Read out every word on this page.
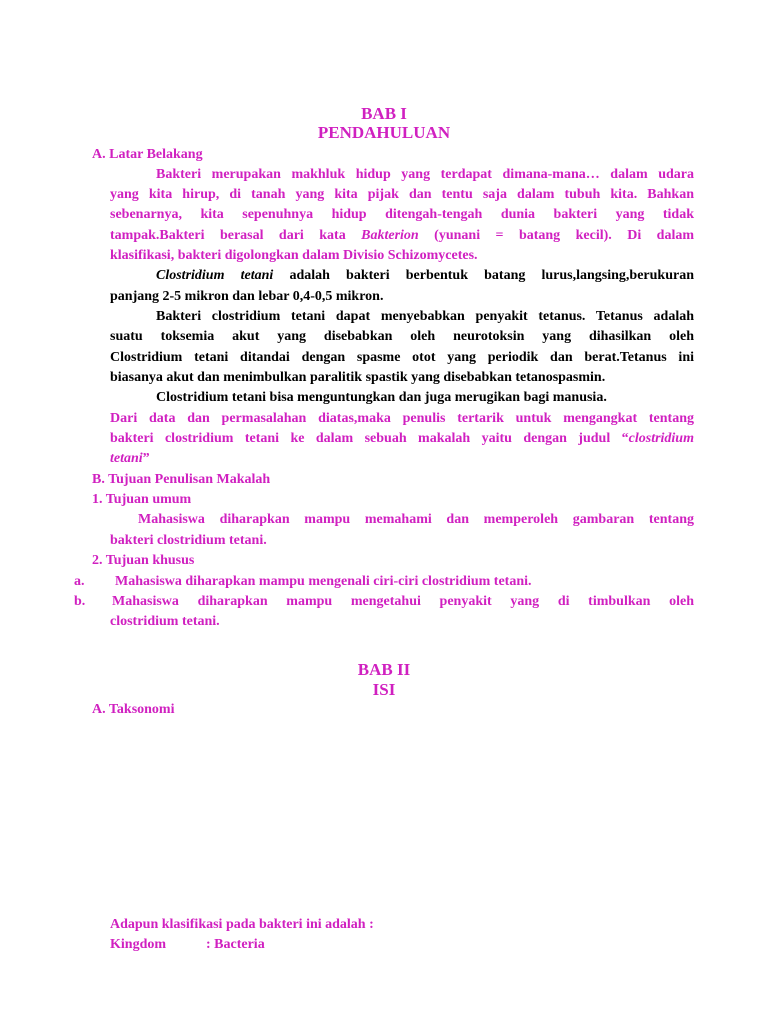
BAB I
PENDAHULUAN
A. Latar Belakang
Bakteri merupakan makhluk hidup yang terdapat dimana-mana… dalam udara
yang kita hirup, di tanah yang kita pijak dan tentu saja dalam tubuh kita. Bahkan
sebenarnya, kita sepenuhnya hidup ditengah-tengah dunia bakteri yang tidak
tampak.Bakteri berasal dari kata Bakterion (yunani = batang kecil). Di dalam
klasifikasi, bakteri digolongkan dalam Divisio Schizomycetes.
Clostridium tetani adalah bakteri berbentuk batang lurus,langsing,berukuran
panjang 2-5 mikron dan lebar 0,4-0,5 mikron.
Bakteri clostridium tetani dapat menyebabkan penyakit tetanus. Tetanus adalah
suatu toksemia akut yang disebabkan oleh neurotoksin yang dihasilkan oleh
Clostridium tetani ditandai dengan spasme otot yang periodik dan berat.Tetanus ini
biasanya akut dan menimbulkan paralitik spastik yang disebabkan tetanospasmin.
Clostridium tetani bisa menguntungkan dan juga merugikan bagi manusia.
Dari data dan permasalahan diatas,maka penulis tertarik untuk mengangkat tentang
bakteri clostridium tetani ke dalam sebuah makalah yaitu dengan judul “clostridium
tetani”
B. Tujuan Penulisan Makalah
1. Tujuan umum
Mahasiswa diharapkan mampu memahami dan memperoleh gambaran tentang
bakteri clostridium tetani.
2. Tujuan khusus
a. Mahasiswa diharapkan mampu mengenali ciri-ciri clostridium tetani.
b. Mahasiswa diharapkan mampu mengetahui penyakit yang di timbulkan oleh
clostridium tetani.
BAB II
ISI
A. Taksonomi
Adapun klasifikasi pada bakteri ini adalah :
Kingdom	: Bacteria
